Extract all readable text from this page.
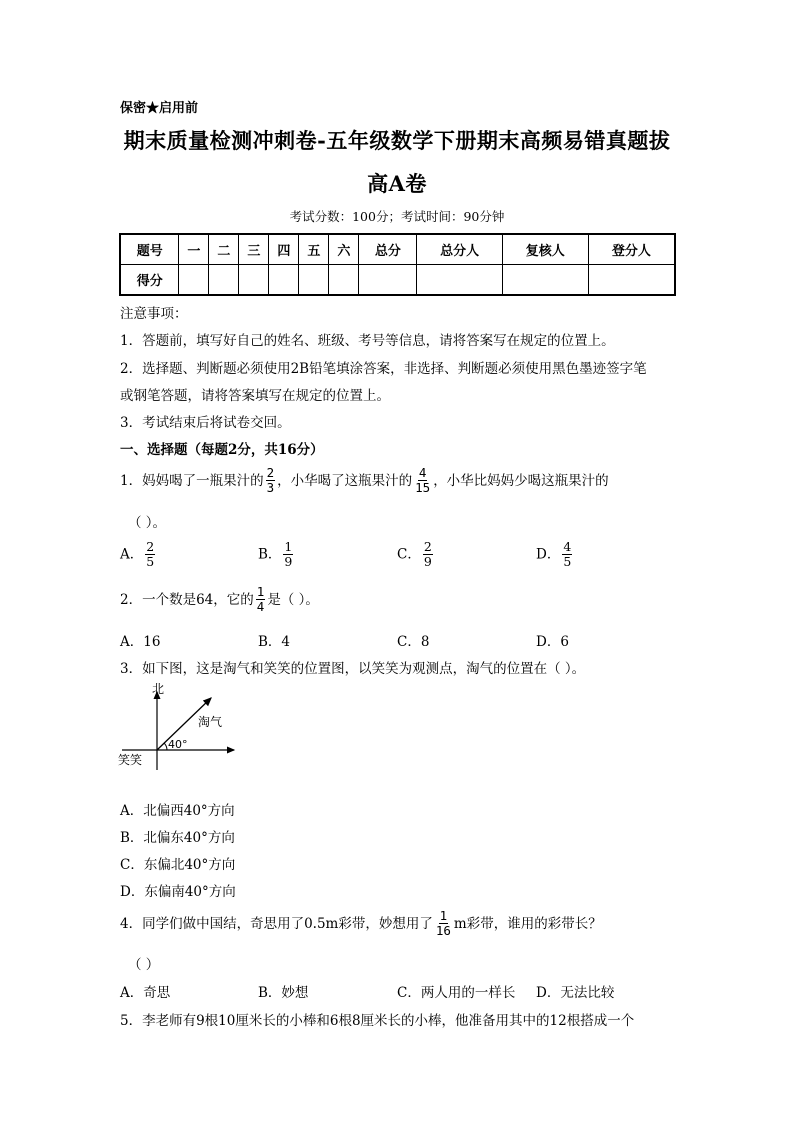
保密★启用前
期末质量检测冲刺卷-五年级数学下册期末高频易错真题拔
高A卷
考试分数：100分；考试时间：90分钟
题号	一	二	三	四	五	六	总分	总分人	复核人	登分人
得分										
注意事项：
1．答题前，填写好自己的姓名、班级、考号等信息，请将答案写在规定的位置上。
2．选择题、判断题必须使用2B铅笔填涂答案，非选择、判断题必须使用黑色墨迹签字笔
或钢笔答题，请将答案填写在规定的位置上。
3．考试结束后将试卷交回。
一、选择题（每题2分，共16分）
1．妈妈喝了一瓶果汁的 $\frac{2}{3}$ ，小华喝了这瓶果汁的 $\frac{4}{15}$ ，小华比妈妈少喝这瓶果汁的
（ ）。
A． $\frac{2}{5}$	B． $\frac{1}{9}$	C． $\frac{2}{9}$	D． $\frac{4}{5}$
2．一个数是64，它的 $\frac{1}{4}$ 是（ ）。
A．16	B．4	C．8	D．6
3．如下图，这是淘气和笑笑的位置图，以笑笑为观测点，淘气的位置在（ ）。
北
淘气
笑笑
40°
A．北偏西40°方向
B．北偏东40°方向
C．东偏北40°方向
D．东偏南40°方向
4．同学们做中国结，奇思用了0.5m彩带，妙想用了 $\frac{1}{16}$ m彩带，谁用的彩带长？
（ ）
A．奇思	B．妙想	C．两人用的一样长 D．无法比较
5．李老师有9根10厘米长的小棒和6根8厘米长的小棒，他准备用其中的12根搭成一个
